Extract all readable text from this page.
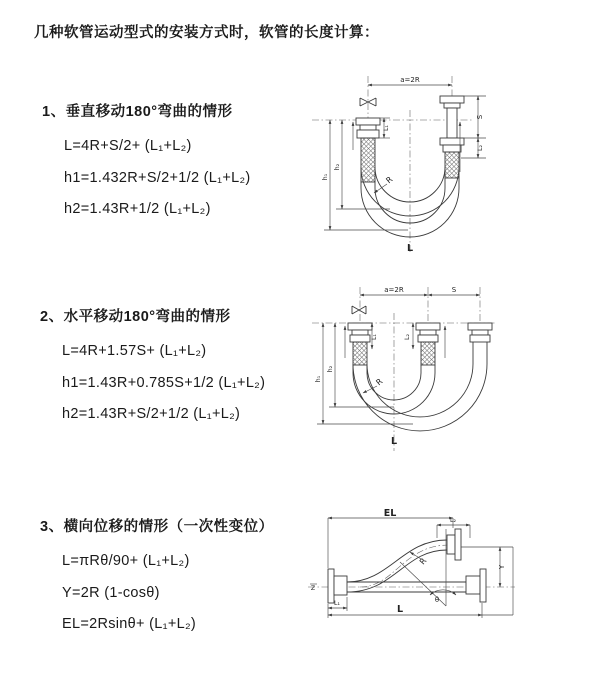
几种软管运动型式的安装方式时，软管的长度计算：
1、垂直移动180°弯曲的情形
L=4R+S/2+ (L₁+L₂)
h1=1.432R+S/2+1/2 (L₁+L₂)
h2=1.43R+1/2 (L₁+L₂)
2、水平移动180°弯曲的情形
L=4R+1.57S+ (L₁+L₂)
h1=1.43R+0.785S+1/2 (L₁+L₂)
h2=1.43R+S/2+1/2 (L₁+L₂)
3、横向位移的情形（一次性变位）
L=πRθ/90+ (L₁+L₂)
Y=2R (1-cosθ)
EL=2Rsinθ+ (L₁+L₂)
a=2R
S
L₂
L₁
h₁
h₂
R
L
a=2R	S
L₁	L₂
h₁
h₂
R
L
θ
EL
L₂
Y
L
L₁
R
Z
